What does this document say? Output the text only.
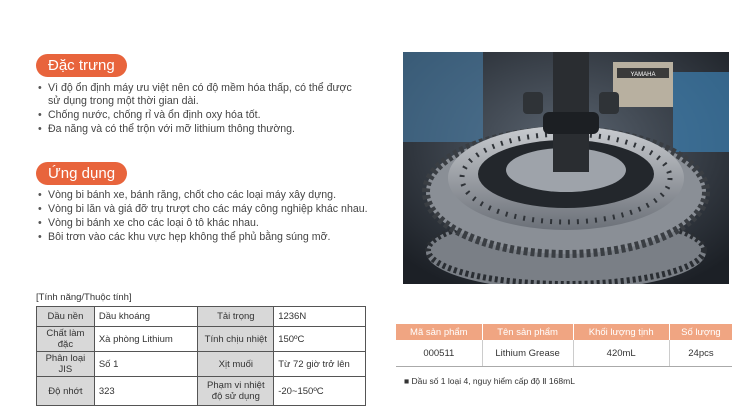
Đặc trưng
• Vì độ ổn định máy ưu việt nên có độ mềm hóa thấp, có thể được sử dụng trong một thời gian dài.
• Chống nước, chống rỉ và ổn định oxy hóa tốt.
• Đa năng và có thể trộn với mỡ lithium thông thường.
Ứng dụng
• Vòng bi bánh xe, bánh răng, chốt cho các loại máy xây dựng.
• Vòng bi lăn và giá đỡ trụ trượt cho các máy công nghiệp khác nhau.
• Vòng bi bánh xe cho các loại ô tô khác nhau.
• Bôi trơn vào các khu vực hẹp không thể phủ bằng súng mỡ.
YAMAHA
[Tính năng/Thuộc tính]
Dầu nền	Dầu khoáng	Tải trọng	1236N
Chất làm đặc	Xà phòng Lithium	Tính chịu nhiệt	150ºC
Phân loại JIS	Số 1	Xịt muối	Từ 72 giờ trở lên
Độ nhớt	323	Phạm vi nhiệt độ sử dụng	-20~150ºC
Mã sản phẩm	Tên sản phẩm	Khối lượng tịnh	Số lượng
000511	Lithium Grease	420mL	24pcs
■ Dầu số 1 loại 4, nguy hiểm cấp độ Ⅱ 168mL
